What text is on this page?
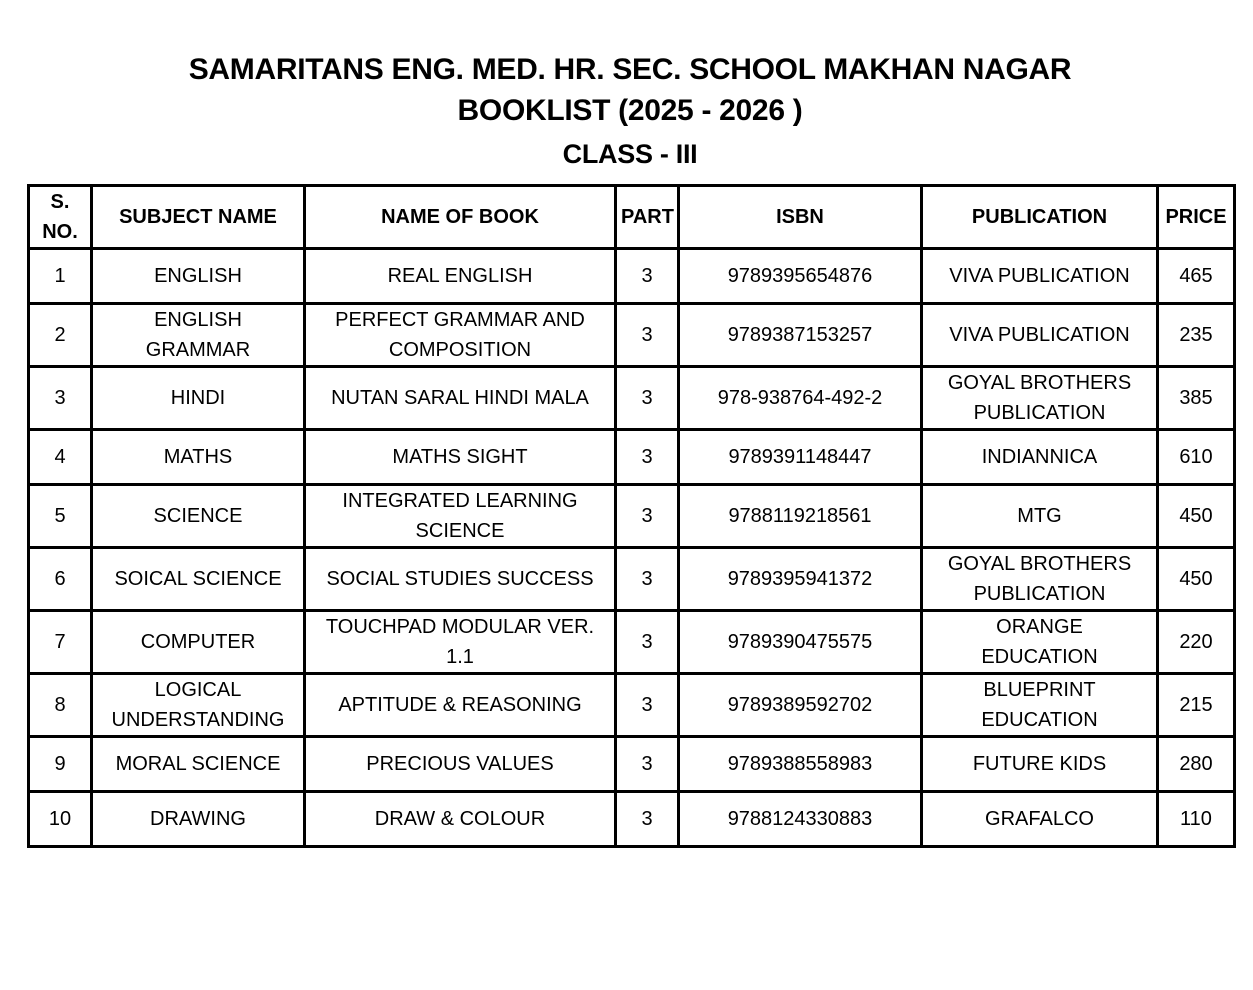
SAMARITANS ENG. MED. HR. SEC. SCHOOL MAKHAN NAGAR
BOOKLIST (2025 - 2026 )
CLASS - III
S. NO.	SUBJECT NAME	NAME OF BOOK	PART	ISBN	PUBLICATION	PRICE
1	ENGLISH	REAL ENGLISH	3	9789395654876	VIVA PUBLICATION	465
2	ENGLISH GRAMMAR	PERFECT GRAMMAR AND COMPOSITION	3	9789387153257	VIVA PUBLICATION	235
3	HINDI	NUTAN SARAL HINDI MALA	3	978-938764-492-2	GOYAL BROTHERS PUBLICATION	385
4	MATHS	MATHS SIGHT	3	9789391148447	INDIANNICA	610
5	SCIENCE	INTEGRATED LEARNING SCIENCE	3	9788119218561	MTG	450
6	SOICAL SCIENCE	SOCIAL STUDIES SUCCESS	3	9789395941372	GOYAL BROTHERS PUBLICATION	450
7	COMPUTER	TOUCHPAD MODULAR VER. 1.1	3	9789390475575	ORANGE EDUCATION	220
8	LOGICAL UNDERSTANDING	APTITUDE & REASONING	3	9789389592702	BLUEPRINT EDUCATION	215
9	MORAL SCIENCE	PRECIOUS VALUES	3	9789388558983	FUTURE KIDS	280
10	DRAWING	DRAW & COLOUR	3	9788124330883	GRAFALCO	110
